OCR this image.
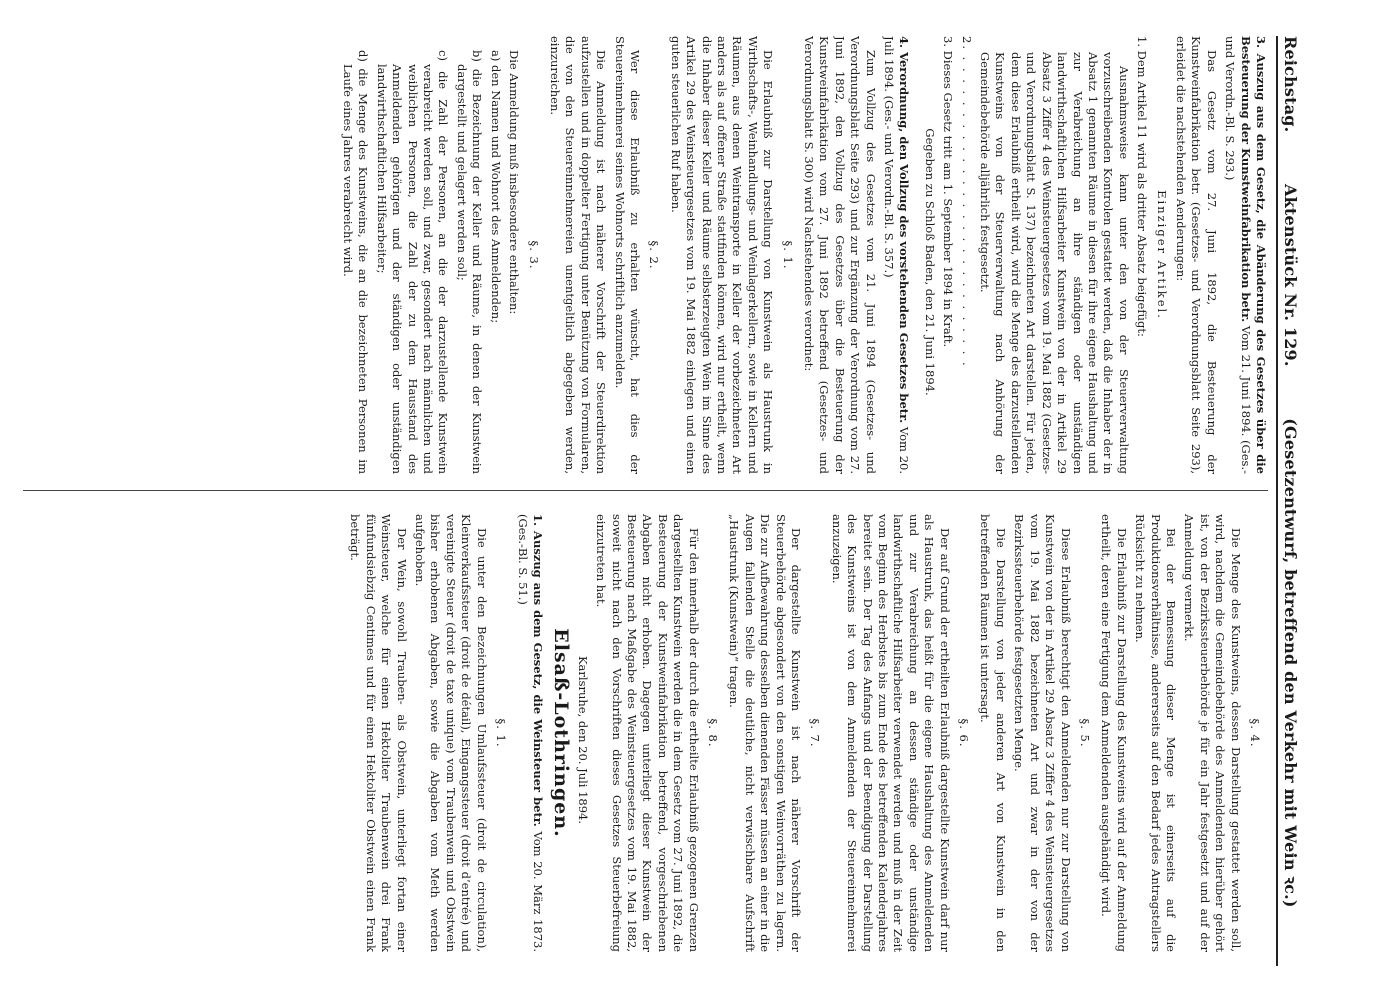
Reichstag.  Aktenstück Nr. 129.  (Gesetzentwurf, betreffend den Verkehr mit Wein ꝛc.)

3. Auszug aus dem Gesetz, die Abänderung des Gesetzes über die Besteuerung der Kunstweinfabrikation betr. Vom 21. Juni 1894. (Ges.- und Verordn.-Bl. S. 293.)

Das Gesetz vom 27. Juni 1892, die Besteuerung der Kunstweinfabrikation betr. (Gesetzes- und Verordnungsblatt Seite 293), erleidet die nachstehenden Aenderungen:

Einziger Artikel.

1. Dem Artikel 11 wird als dritter Absatz beigefügt:

Ausnahmsweise kann unter den von der Steuerverwaltung vorzuschreibenden Kontrolen gestattet werden, daß die Inhaber der in Absatz 1 genannten Räume in diesen für ihre eigene Haushaltung und zur Verabreichung an ihre ständigen oder unständigen landwirthschaftlichen Hilfsarbeiter Kunstwein von der in Artikel 29 Absatz 3 Ziffer 4 des Weinsteuergesetzes vom 19. Mai 1882 (Gesetzes- und Verordnungsblatt S. 137) bezeichneten Art darstellen. Für jeden, dem diese Erlaubniß ertheilt wird, wird die Menge des darzustellenden Kunstweins von der Steuerverwaltung nach Anhörung der Gemeindebehörde alljährlich festgesetzt.

2. . . . . . . . . . . . . . . . . . . . . . . . . . . . .

3. Dieses Gesetz tritt am 1. September 1894 in Kraft.

Gegeben zu Schloß Baden, den 21. Juni 1894.

4. Verordnung, den Vollzug des vorstehenden Gesetzes betr. Vom 20. Juli 1894. (Ges.- und Verordn.-Bl. S. 357.)

Zum Vollzug des Gesetzes vom 21. Juni 1894 (Gesetzes- und Verordnungsblatt Seite 293) und zur Ergänzung der Verordnung vom 27. Juni 1892, den Vollzug des Gesetzes über die Besteuerung der Kunstweinfabrikation vom 27. Juni 1892 betreffend (Gesetzes- und Verordnungsblatt S. 300) wird Nachstehendes verordnet:

§. 1.

Die Erlaubniß zur Darstellung von Kunstwein als Haustrunk in Wirthschafts-, Weinhandlungs- und Weinlagerkellern, sowie in Kellern und Räumen, aus denen Weintransporte in Keller der vorbezeichneten Art anders als auf offener Straße stattfinden können, wird nur ertheilt, wenn die Inhaber dieser Keller und Räume selbsterzeugten Wein im Sinne des Artikel 29 des Weinsteuergesetzes vom 19. Mai 1882 einlegen und einen guten steuerlichen Ruf haben.

§. 2.

Wer diese Erlaubniß zu erhalten wünscht, hat dies der Steuereinnehmerei seines Wohnorts schriftlich anzumelden.

Die Anmeldung ist nach näherer Vorschrift der Steuerdirektion aufzustellen und in doppelter Fertigung unter Benützung von Formularen, die von den Steuereinnehmereien unentgeltlich abgegeben werden, einzureichen.

§. 3.

Die Anmeldung muß insbesondere enthalten:

a) den Namen und Wohnort des Anmeldenden;

b) die Bezeichnung der Keller und Räume, in denen der Kunstwein dargestellt und gelagert werden soll;

c) die Zahl der Personen, an die der darzustellende Kunstwein verabreicht werden soll, und zwar, gesondert nach männlichen und weiblichen Personen, die Zahl der zu dem Hausstand des Anmeldenden gehörigen und der ständigen oder unständigen landwirthschaftlichen Hilfsarbeiter;

d) die Menge des Kunstweins, die an die bezeichneten Personen im Laufe eines Jahres verabreicht wird.

§. 4.

Die Menge des Kunstweins, dessen Darstellung gestattet werden soll, wird, nachdem die Gemeindebehörde des Anmeldenden hierüber gehört ist, von der Bezirkssteuerbehörde je für ein Jahr festgesetzt und auf der Anmeldung vermerkt.

Bei der Bemessung dieser Menge ist einerseits auf die Produktionsverhältnisse, andererseits auf den Bedarf jedes Antragstellers Rücksicht zu nehmen.

Die Erlaubniß zur Darstellung des Kunstweins wird auf der Anmeldung ertheilt, deren eine Fertigung dem Anmeldenden ausgehändigt wird.

§. 5.

Diese Erlaubniß berechtigt den Anmeldenden nur zur Darstellung von Kunstwein von der in Artikel 29 Absatz 3 Ziffer 4 des Weinsteuergesetzes vom 19. Mai 1882 bezeichneten Art und zwar in der von der Bezirkssteuerbehörde festgesetzten Menge.

Die Darstellung von jeder anderen Art von Kunstwein in den betreffenden Räumen ist untersagt.

§. 6.

Der auf Grund der ertheilten Erlaubniß dargestellte Kunstwein darf nur als Haustrunk, das heißt für die eigene Haushaltung des Anmeldenden und zur Verabreichung an dessen ständige oder unständige landwirthschaftliche Hilfsarbeiter verwendet werden und muß in der Zeit vom Beginn des Herbstes bis zum Ende des betreffenden Kalenderjahres bereitet sein. Der Tag des Anfangs und der Beendigung der Darstellung des Kunstweins ist von dem Anmeldenden der Steuereinnehmerei anzuzeigen.

§. 7.

Der dargestellte Kunstwein ist nach näherer Vorschrift der Steuerbehörde abgesondert von den sonstigen Weinvorräthen zu lagern. Die zur Aufbewahrung desselben dienenden Fässer müssen an einer in die Augen fallenden Stelle die deutliche, nicht verwischbare Aufschrift „Haustrunk (Kunstwein)“ tragen.

§. 8.

Für den innerhalb der durch die ertheilte Erlaubniß gezogenen Grenzen dargestellten Kunstwein werden die in dem Gesetz vom 27. Juni 1892, die Besteuerung der Kunstweinfabrikation betreffend, vorgeschriebenen Abgaben nicht erhoben. Dagegen unterliegt dieser Kunstwein der Besteuerung nach Maßgabe des Weinsteuergesetzes vom 19. Mai 1882, soweit nicht nach den Vorschriften dieses Gesetzes Steuerbefreiung einzutreten hat.

Karlsruhe, den 20. Juli 1894.

Elsaß-Lothringen.

1. Auszug aus dem Gesetz, die Weinsteuer betr. Vom 20. März 1873. (Ges.-Bl. S. 51.)

§. 1.

Die unter den Bezeichnungen Umlaufssteuer (droit de circulation), Kleinverkaufssteuer (droit de détail), Eingangssteuer (droit d’entrée) und vereinigte Steuer (droit de taxe unique) vom Traubenwein und Obstwein bisher erhobenen Abgaben, sowie die Abgaben vom Meth werden aufgehoben.

Der Wein, sowohl Trauben- als Obstwein, unterliegt fortan einer Weinsteuer, welche für einen Hektoliter Traubenwein drei Frank fünfundsiebzig Centimes und für einen Hektoliter Obstwein einen Frank beträgt.
